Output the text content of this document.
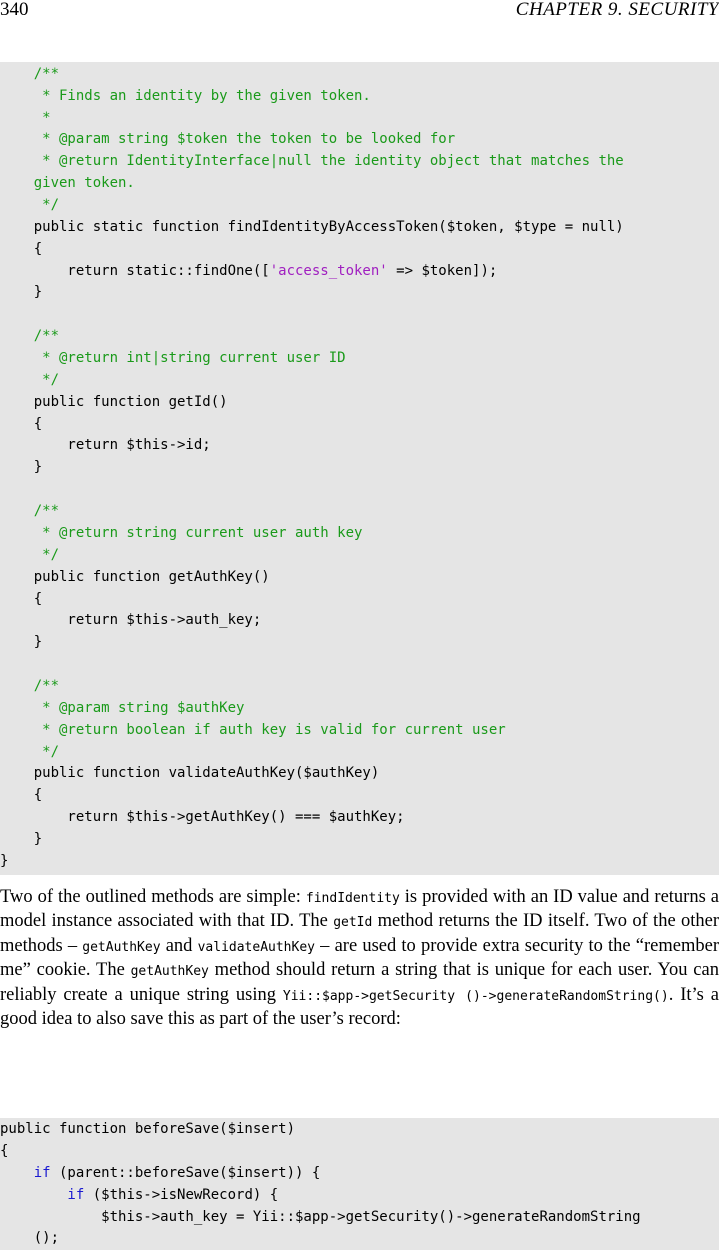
340	CHAPTER 9. SECURITY
/**
* Finds an identity by the given token.
*
* @param string $token the token to be looked for
* @return IdentityInterface|null the identity object that matches the
given token.
*/
public static function findIdentityByAccessToken($token, $type = null)
{
return static::findOne(['access_token' => $token]);
}
/**
* @return int|string current user ID
*/
public function getId()
{
return $this->id;
}
/**
* @return string current user auth key
*/
public function getAuthKey()
{
return $this->auth_key;
}
/**
* @param string $authKey
* @return boolean if auth key is valid for current user
*/
public function validateAuthKey($authKey)
{
return $this->getAuthKey() === $authKey;
}
}

Two of the outlined methods are simple: findIdentity is provided with an ID value and returns a model instance associated with that ID. The getId method returns the ID itself. Two of the other methods – getAuthKey and validateAuthKey – are used to provide extra security to the “remember me” cookie. The getAuthKey method should return a string that is unique for each user. You can reliably create a unique string using Yii::$app->getSecurity ()->generateRandomString(). It’s a good idea to also save this as part of the user’s record:

public function beforeSave($insert)
{
if (parent::beforeSave($insert)) {
if ($this->isNewRecord) {
$this->auth_key = Yii::$app->getSecurity()->generateRandomString
();
